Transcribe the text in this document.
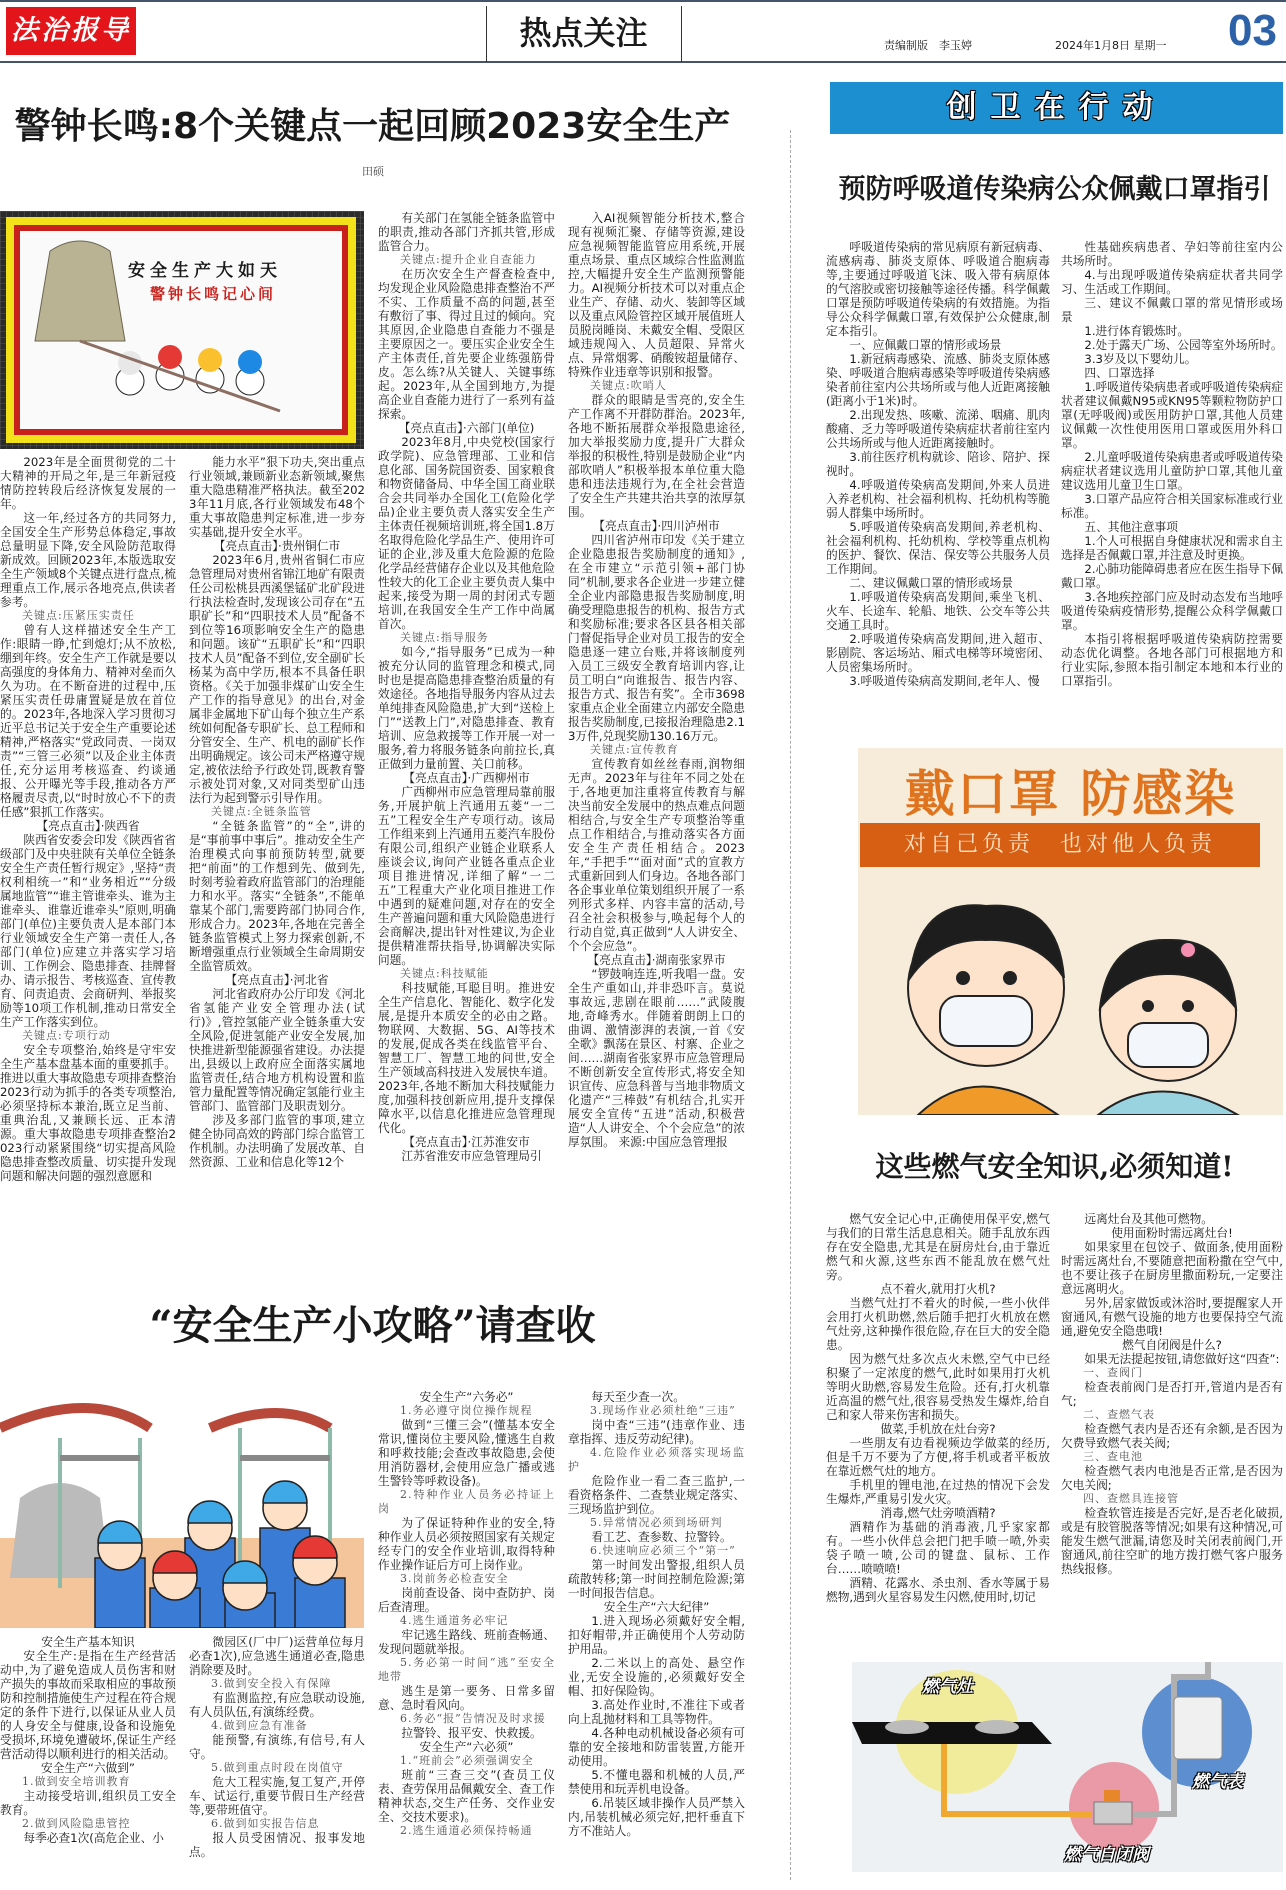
法治报导	热点关注	责编制版　李玉婷	2024年1月8日 星期一 03
警钟长鸣:8个关键点一起回顾2023安全生产
田硕
安全生产大如天
警钟长鸣记心间

2023年是全面贯彻党的二十大精神的开局之年,是三年新冠疫情防控转段后经济恢复发展的一年。

这一年,经过各方的共同努力,全国安全生产形势总体稳定,事故总量明显下降,安全风险防范取得新成效。回顾2023年,本版选取安全生产领域8个关键点进行盘点,梳理重点工作,展示各地亮点,供读者参考。

关键点:压紧压实责任

曾有人这样描述安全生产工作:眼睛一睁,忙到熄灯;从不放松,绷到年终。安全生产工作就是要以高强度的身体角力、精神对垒而久久为功。在不断奋进的过程中,压紧压实责任毋庸置疑是放在首位的。2023年,各地深入学习贯彻习近平总书记关于安全生产重要论述精神,严格落实“党政同责、一岗双责”“三管三必须”以及企业主体责任,充分运用考核巡查、约谈通报、公开曝光等手段,推动各方严格履责尽责,以“时时放心不下的责任感”狠抓工作落实。

【亮点直击】·陕西省

陕西省安委会印发《陕西省省级部门及中央驻陕有关单位全链条安全生产责任暂行规定》,坚持“责权利相统一”和“业务相近”“分级属地监管”“谁主管谁牵头、谁为主谁牵头、谁靠近谁牵头”原则,明确部门(单位)主要负责人是本部门本行业领域安全生产第一责任人,各部门(单位)应建立并落实学习培训、工作例会、隐患排查、挂牌督办、请示报告、考核巡查、宣传教育、问责追责、会商研判、举报奖励等10项工作机制,推动日常安全生产工作落实到位。

关键点:专项行动

安全专项整治,始终是守牢安全生产基本盘基本面的重要抓手。推进以重大事故隐患专项排查整治2023行动为抓手的各类专项整治,必须坚持标本兼治,既立足当前、重典治乱,又兼顾长远、正本清源。重大事故隐患专项排查整治2023行动紧紧围绕“切实提高风险隐患排查整改质量、切实提升发现问题和解决问题的强烈意愿和

能力水平”狠下功夫,突出重点行业领域,兼顾新业态新领域,聚焦重大隐患精准严格执法。截至2023年11月底,各行业领域发布48个重大事故隐患判定标准,进一步夯实基础,提升安全水平。

【亮点直击】·贵州铜仁市

2023年6月,贵州省铜仁市应急管理局对贵州省锦江地矿有限责任公司松桃县西溪堡锰矿北矿段进行执法检查时,发现该公司存在“五职矿长”和“四职技术人员”配备不到位等16项影响安全生产的隐患和问题。该矿“五职矿长”和“四职技术人员”配备不到位,安全副矿长杨某为高中学历,根本不具备任职资格。《关于加强非煤矿山安全生产工作的指导意见》的出台,对金属非金属地下矿山每个独立生产系统如何配备专职矿长、总工程师和分管安全、生产、机电的副矿长作出明确规定。该公司未严格遵守规定,被依法给予行政处罚,既教育警示被处罚对象,又对同类型矿山违法行为起到警示引导作用。

关键点:全链条监管

“全链条监管”的“全”,讲的是“事前事中事后”。推动安全生产治理模式向事前预防转型,就要把“前面”的工作想到先、做到先,时刻考验着政府监管部门的治理能力和水平。落实“全链条”,不能单靠某个部门,需要跨部门协同合作,形成合力。2023年,各地在完善全链条监管模式上努力探索创新,不断增强重点行业领域全生命周期安全监管质效。

【亮点直击】·河北省

河北省政府办公厅印发《河北省氢能产业安全管理办法(试行)》,管控氢能产业全链条重大安全风险,促进氢能产业安全发展,加快推进新型能源强省建设。办法提出,县级以上政府应全面落实属地监管责任,结合地方机构设置和监管力量配置等情况确定氢能行业主管部门、监管部门及职责划分。

涉及多部门监管的事项,建立健全协同高效的跨部门综合监管工作机制。办法明确了发展改革、自然资源、工业和信息化等12个

有关部门在氢能全链条监管中的职责,推动各部门齐抓共管,形成监管合力。

关键点:提升企业自查能力

在历次安全生产督查检查中,均发现企业风险隐患排查整治不严不实、工作质量不高的问题,甚至有敷衍了事、得过且过的倾向。究其原因,企业隐患自查能力不强是主要原因之一。要压实企业安全生产主体责任,首先要企业练强筋骨皮。怎么练?从关键人、关键事练起。2023年,从全国到地方,为提高企业自查能力进行了一系列有益探索。

【亮点直击】·六部门(单位)

2023年8月,中央党校(国家行政学院)、应急管理部、工业和信息化部、国务院国资委、国家粮食和物资储备局、中华全国工商业联合会共同举办全国化工(危险化学品)企业主要负责人落实安全生产主体责任视频培训班,将全国1.8万名取得危险化学品生产、使用许可证的企业,涉及重大危险源的危险化学品经营储存企业以及其他危险性较大的化工企业主要负责人集中起来,接受为期一周的封闭式专题培训,在我国安全生产工作中尚属首次。

关键点:指导服务

如今,“指导服务”已成为一种被充分认同的监管理念和模式,同时也是提高隐患排查整治质量的有效途径。各地指导服务内容从过去单纯排查风险隐患,扩大到“送检上门”“送教上门”,对隐患排查、教育培训、应急救援等工作开展一对一服务,着力将服务链条向前拉长,真正做到力量前置、关口前移。

【亮点直击】·广西柳州市

广西柳州市应急管理局靠前服务,开展护航上汽通用五菱“一二五”工程安全生产专项行动。该局工作组来到上汽通用五菱汽车股份有限公司,组织产业链企业联系人座谈会议,询问产业链各重点企业项目推进情况,详细了解“一二五”工程重大产业化项目推进工作中遇到的疑难问题,对存在的安全生产普遍问题和重大风险隐患进行会商解决,提出针对性建议,为企业提供精准帮扶指导,协调解决实际问题。

关键点:科技赋能

科技赋能,耳聪目明。推进安全生产信息化、智能化、数字化发展,是提升本质安全的必由之路。物联网、大数据、5G、AI等技术的发展,促成各类在线监管平台、智慧工厂、智慧工地的问世,安全生产领域高科技进入发展快车道。2023年,各地不断加大科技赋能力度,加强科技创新应用,提升支撑保障水平,以信息化推进应急管理现代化。

【亮点直击】·江苏淮安市

江苏省淮安市应急管理局引

入AI视频智能分析技术,整合现有视频汇聚、存储等资源,建设应急视频智能监管应用系统,开展重点场景、重点区域综合性监测监控,大幅提升安全生产监测预警能力。AI视频分析技术可以对重点企业生产、存储、动火、装卸等区域以及重点风险管控区域开展值班人员脱岗睡岗、未戴安全帽、受限区域违规闯入、人员超限、异常火点、异常烟雾、硝酸铵超量储存、特殊作业违章等识别和报警。

关键点:吹哨人

群众的眼睛是雪亮的,安全生产工作离不开群防群治。2023年,各地不断拓展群众举报隐患途径,加大举报奖励力度,提升广大群众举报的积极性,特别是鼓励企业“内部吹哨人”积极举报本单位重大隐患和违法违规行为,在全社会营造了安全生产共建共治共享的浓厚氛围。

【亮点直击】·四川泸州市

四川省泸州市印发《关于建立企业隐患报告奖励制度的通知》,在全市建立“示范引领+部门协同”机制,要求各企业进一步建立健全企业内部隐患报告奖励制度,明确受理隐患报告的机构、报告方式和奖励标准;要求各区县各相关部门督促指导企业对员工报告的安全隐患逐一建立台账,并将该制度列入员工三级安全教育培训内容,让员工明白“向谁报告、报告内容、报告方式、报告有奖”。全市3698家重点企业全面建立内部安全隐患报告奖励制度,已接报治理隐患2.13万件,兑现奖励130.16万元。

关键点:宣传教育

宣传教育如丝丝春雨,润物细无声。2023年与往年不同之处在于,各地更加注重将宣传教育与解决当前安全发展中的热点难点问题相结合,与安全生产专项整治等重点工作相结合,与推动落实各方面安全生产责任相结合。2023年,“手把手”“面对面”式的宣教方式重新回到人们身边。各地各部门各企事业单位策划组织开展了一系列形式多样、内容丰富的活动,号召全社会积极参与,唤起每个人的行动自觉,真正做到“人人讲安全、个个会应急”。

【亮点直击】·湖南张家界市

“锣鼓响连连,听我唱一盘。安全生产重如山,并非恐吓言。莫说事故远,悲剧在眼前……”武陵腹地,奇峰秀水。伴随着朗朗上口的曲调、激情澎湃的表演,一首《安全歌》飘荡在景区、村寨、企业之间……湖南省张家界市应急管理局不断创新安全宣传形式,将安全知识宣传、应急科普与当地非物质文化遗产“三棒鼓”有机结合,扎实开展安全宣传“五进”活动,积极营造“人人讲安全、个个会应急”的浓厚氛围。 来源:中国应急管理报

“安全生产小攻略”请查收

安全生产基本知识

安全生产:是指在生产经营活动中,为了避免造成人员伤害和财产损失的事故而采取相应的事故预防和控制措施使生产过程在符合规定的条件下进行,以保证从业人员的人身安全与健康,设备和设施免受损坏,环境免遭破坏,保证生产经营活动得以顺利进行的相关活动。

安全生产“六做到”

1.做到安全培训教育

主动接受培训,组织员工安全教育。

2.做到风险隐患管控

每季必查1次(高危企业、小

微园区(厂中厂)运营单位每月必查1次),应急逃生通道必查,隐患消除要及时。

3.做到安全投入有保障

有监测监控,有应急联动设施,有人员队伍,有演练经费。

4.做到应急有准备

能预警,有演练,有信号,有人守。

5.做到重点时段在岗值守

危大工程实施,复工复产,开停车、试运行,重要节假日生产经营等,要带班值守。

6.做到如实报告信息

报人员受困情况、报事发地点。

安全生产“六务必”

1.务必遵守岗位操作规程

做到“三懂三会”(懂基本安全常识,懂岗位主要风险,懂逃生自救和呼救技能;会查改事故隐患,会使用消防器材,会使用应急广播或逃生警铃等呼救设备)。

2.特种作业人员务必持证上岗

为了保证特种作业的安全,特种作业人员必须按照国家有关规定经专门的安全作业培训,取得特种作业操作证后方可上岗作业。

3.岗前务必检查安全

岗前查设备、岗中查防护、岗后查清理。

4.逃生通道务必牢记

牢记逃生路线、班前查畅通、发现问题就举报。

5.务必第一时间“逃”至安全地带

逃生是第一要务、日常多留意、急时看风向。

6.务必“报”告情况及时求援

拉警铃、报平安、快救援。

安全生产“六必须”

1.“班前会”必须强调安全

班前“三查三交”(查员工仪表、查劳保用品佩戴安全、查工作精神状态,交生产任务、交作业安全、交技术要求)。

2.逃生通道必须保持畅通

每天至少查一次。

3.现场作业必须杜绝“三违”

岗中查“三违”(违章作业、违章指挥、违反劳动纪律)。

4.危险作业必须落实现场监护

危险作业一看二查三监护,一看资格条件、二查禁业规定落实、三现场监护到位。

5.异常情况必须到场研判

看工艺、查参数、拉警铃。

6.快速响应必须三个“第一”

第一时间发出警报,组织人员疏散转移;第一时间控制危险源;第一时间报告信息。

安全生产“六大纪律”

1.进入现场必须戴好安全帽,扣好帽带,并正确使用个人劳动防护用品。

2.二米以上的高处、悬空作业,无安全设施的,必须戴好安全帽、扣好保险钩。

3.高处作业时,不准往下或者向上乱抛材料和工具等物件。

4.各种电动机械设备必须有可靠的安全接地和防雷装置,方能开动使用。

5.不懂电器和机械的人员,严禁使用和玩弄机电设备。

6.吊装区域非操作人员严禁入内,吊装机械必须完好,把杆垂直下方不准站人。

创卫在行动
预防呼吸道传染病公众佩戴口罩指引

呼吸道传染病的常见病原有新冠病毒、流感病毒、肺炎支原体、呼吸道合胞病毒等,主要通过呼吸道飞沫、吸入带有病原体的气溶胶或密切接触等途径传播。科学佩戴口罩是预防呼吸道传染病的有效措施。为指导公众科学佩戴口罩,有效保护公众健康,制定本指引。

一、应佩戴口罩的情形或场景

1.新冠病毒感染、流感、肺炎支原体感染、呼吸道合胞病毒感染等呼吸道传染病感染者前往室内公共场所或与他人近距离接触(距离小于1米)时。

2.出现发热、咳嗽、流涕、咽痛、肌肉酸痛、乏力等呼吸道传染病症状者前往室内公共场所或与他人近距离接触时。

3.前往医疗机构就诊、陪诊、陪护、探视时。

4.呼吸道传染病高发期间,外来人员进入养老机构、社会福利机构、托幼机构等脆弱人群集中场所时。

5.呼吸道传染病高发期间,养老机构、社会福利机构、托幼机构、学校等重点机构的医护、餐饮、保洁、保安等公共服务人员工作期间。

二、建议佩戴口罩的情形或场景

1.呼吸道传染病高发期间,乘坐飞机、火车、长途车、轮船、地铁、公交车等公共交通工具时。

2.呼吸道传染病高发期间,进入超市、影剧院、客运场站、厢式电梯等环境密闭、人员密集场所时。

3.呼吸道传染病高发期间,老年人、慢

性基础疾病患者、孕妇等前往室内公共场所时。

4.与出现呼吸道传染病症状者共同学习、生活或工作期间。

三、建议不佩戴口罩的常见情形或场景

1.进行体育锻炼时。

2.处于露天广场、公园等室外场所时。

3.3岁及以下婴幼儿。

四、口罩选择

1.呼吸道传染病患者或呼吸道传染病症状者建议佩戴N95或KN95等颗粒物防护口罩(无呼吸阀)或医用防护口罩,其他人员建议佩戴一次性使用医用口罩或医用外科口罩。

2.儿童呼吸道传染病患者或呼吸道传染病症状者建议选用儿童防护口罩,其他儿童建议选用儿童卫生口罩。

3.口罩产品应符合相关国家标准或行业标准。

五、其他注意事项

1.个人可根据自身健康状况和需求自主选择是否佩戴口罩,并注意及时更换。

2.心肺功能障碍患者应在医生指导下佩戴口罩。

3.各地疾控部门应及时动态发布当地呼吸道传染病疫情形势,提醒公众科学佩戴口罩。

本指引将根据呼吸道传染病防控需要动态优化调整。各地各部门可根据地方和行业实际,参照本指引制定本地和本行业的口罩指引。

戴口罩 防感染
对自己负责　也对他人负责
这些燃气安全知识,必须知道!

燃气安全记心中,正确使用保平安,燃气与我们的日常生活息息相关。随手乱放东西存在安全隐患,尤其是在厨房灶台,由于靠近燃气和火源,这些东西不能乱放在燃气灶旁。

点不着火,就用打火机?

当燃气灶打不着火的时候,一些小伙伴会用打火机助燃,然后随手把打火机放在燃气灶旁,这种操作很危险,存在巨大的安全隐患。

因为燃气灶多次点火未燃,空气中已经积聚了一定浓度的燃气,此时如果用打火机等明火助燃,容易发生危险。还有,打火机靠近高温的燃气灶,很容易受热发生爆炸,给自己和家人带来伤害和损失。

做菜,手机放在灶台旁?

一些朋友有边看视频边学做菜的经历,但是千万不要为了方便,将手机或者平板放在靠近燃气灶的地方。

手机里的锂电池,在过热的情况下会发生爆炸,严重易引发火灾。

消毒,燃气灶旁喷酒精?

酒精作为基础的消毒液,几乎家家都有。一些小伙伴总会把门把手喷一喷,外卖袋子喷一喷,公司的键盘、鼠标、工作台……喷喷喷!

酒精、花露水、杀虫剂、香水等属于易燃物,遇到火星容易发生闪燃,使用时,切记

远离灶台及其他可燃物。

使用面粉时需远离灶台!

如果家里在包饺子、做面条,使用面粉时需远离灶台,不要随意把面粉撒在空气中,也不要让孩子在厨房里撒面粉玩,一定要注意远离明火。

另外,居家做饭或沐浴时,要提醒家人开窗通风,有燃气设施的地方也要保持空气流通,避免安全隐患哦!

燃气自闭阀是什么?

如果无法提起按钮,请您做好这“四查”:

一、查阀门

检查表前阀门是否打开,管道内是否有气;

二、查燃气表

检查燃气表内是否还有余额,是否因为欠费导致燃气表关阀;

三、查电池

检查燃气表内电池是否正常,是否因为欠电关阀;

四、查燃具连接管

检查软管连接是否完好,是否老化破损,或是有胶管脱落等情况;如果有这种情况,可能发生燃气泄漏,请您及时关闭表前阀门,开窗通风,前往空旷的地方拨打燃气客户服务热线报修。

燃气灶
燃气自闭阀
燃气表
